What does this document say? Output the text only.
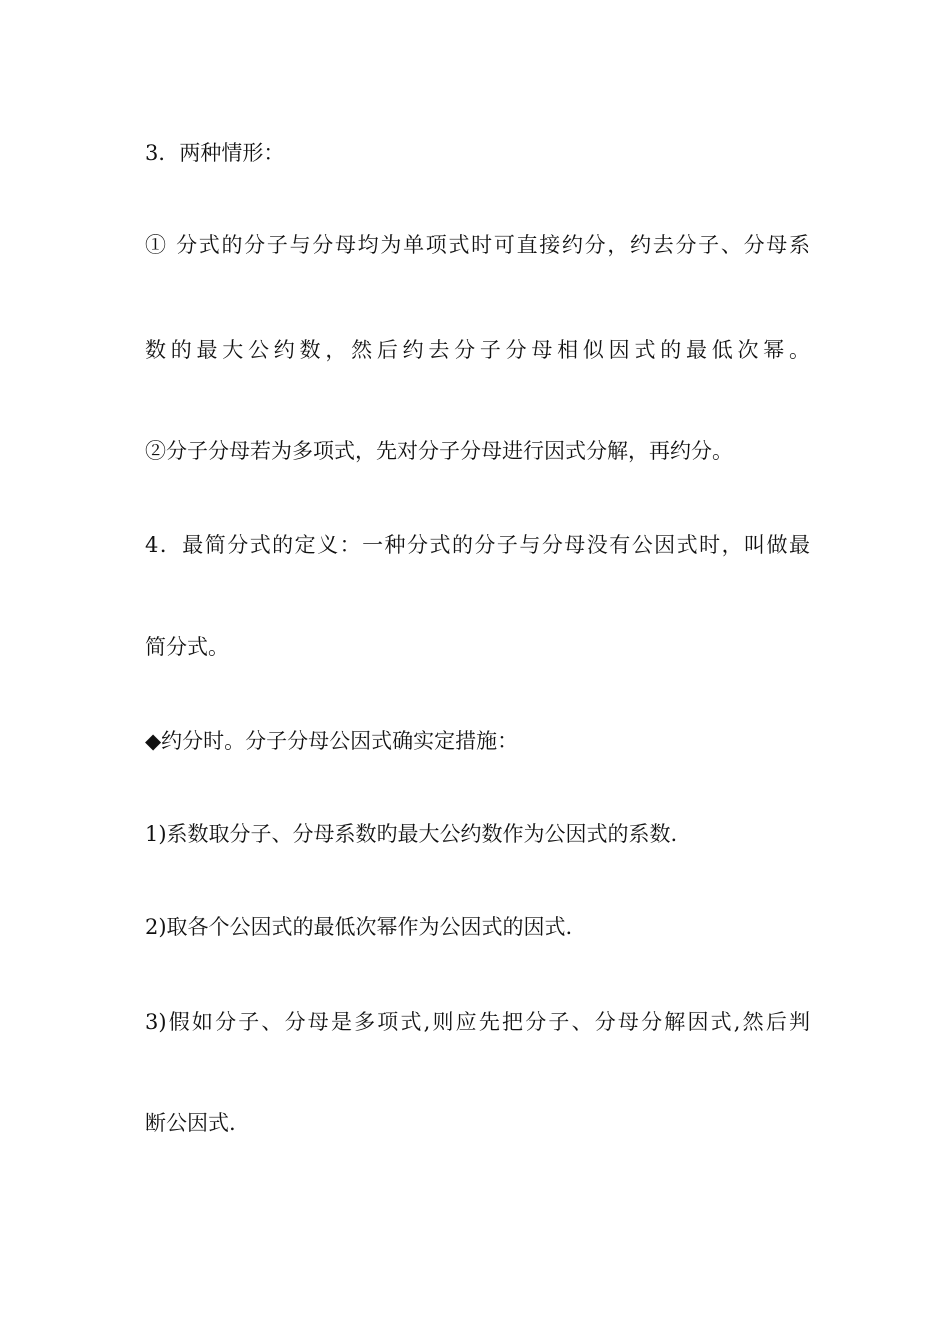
3．两种情形：
① 分式的分子与分母均为单项式时可直接约分，约去分子、分母系
数的最大公约数，然后约去分子分母相似因式的最低次幂。
②分子分母若为多项式，先对分子分母进行因式分解，再约分。
4．最简分式的定义：一种分式的分子与分母没有公因式时，叫做最
简分式。
◆约分时。分子分母公因式确实定措施：
1)系数取分子、分母系数旳最大公约数作为公因式的系数.
2)取各个公因式的最低次幂作为公因式的因式.
3)假如分子、分母是多项式,则应先把分子、分母分解因式,然后判
断公因式.
